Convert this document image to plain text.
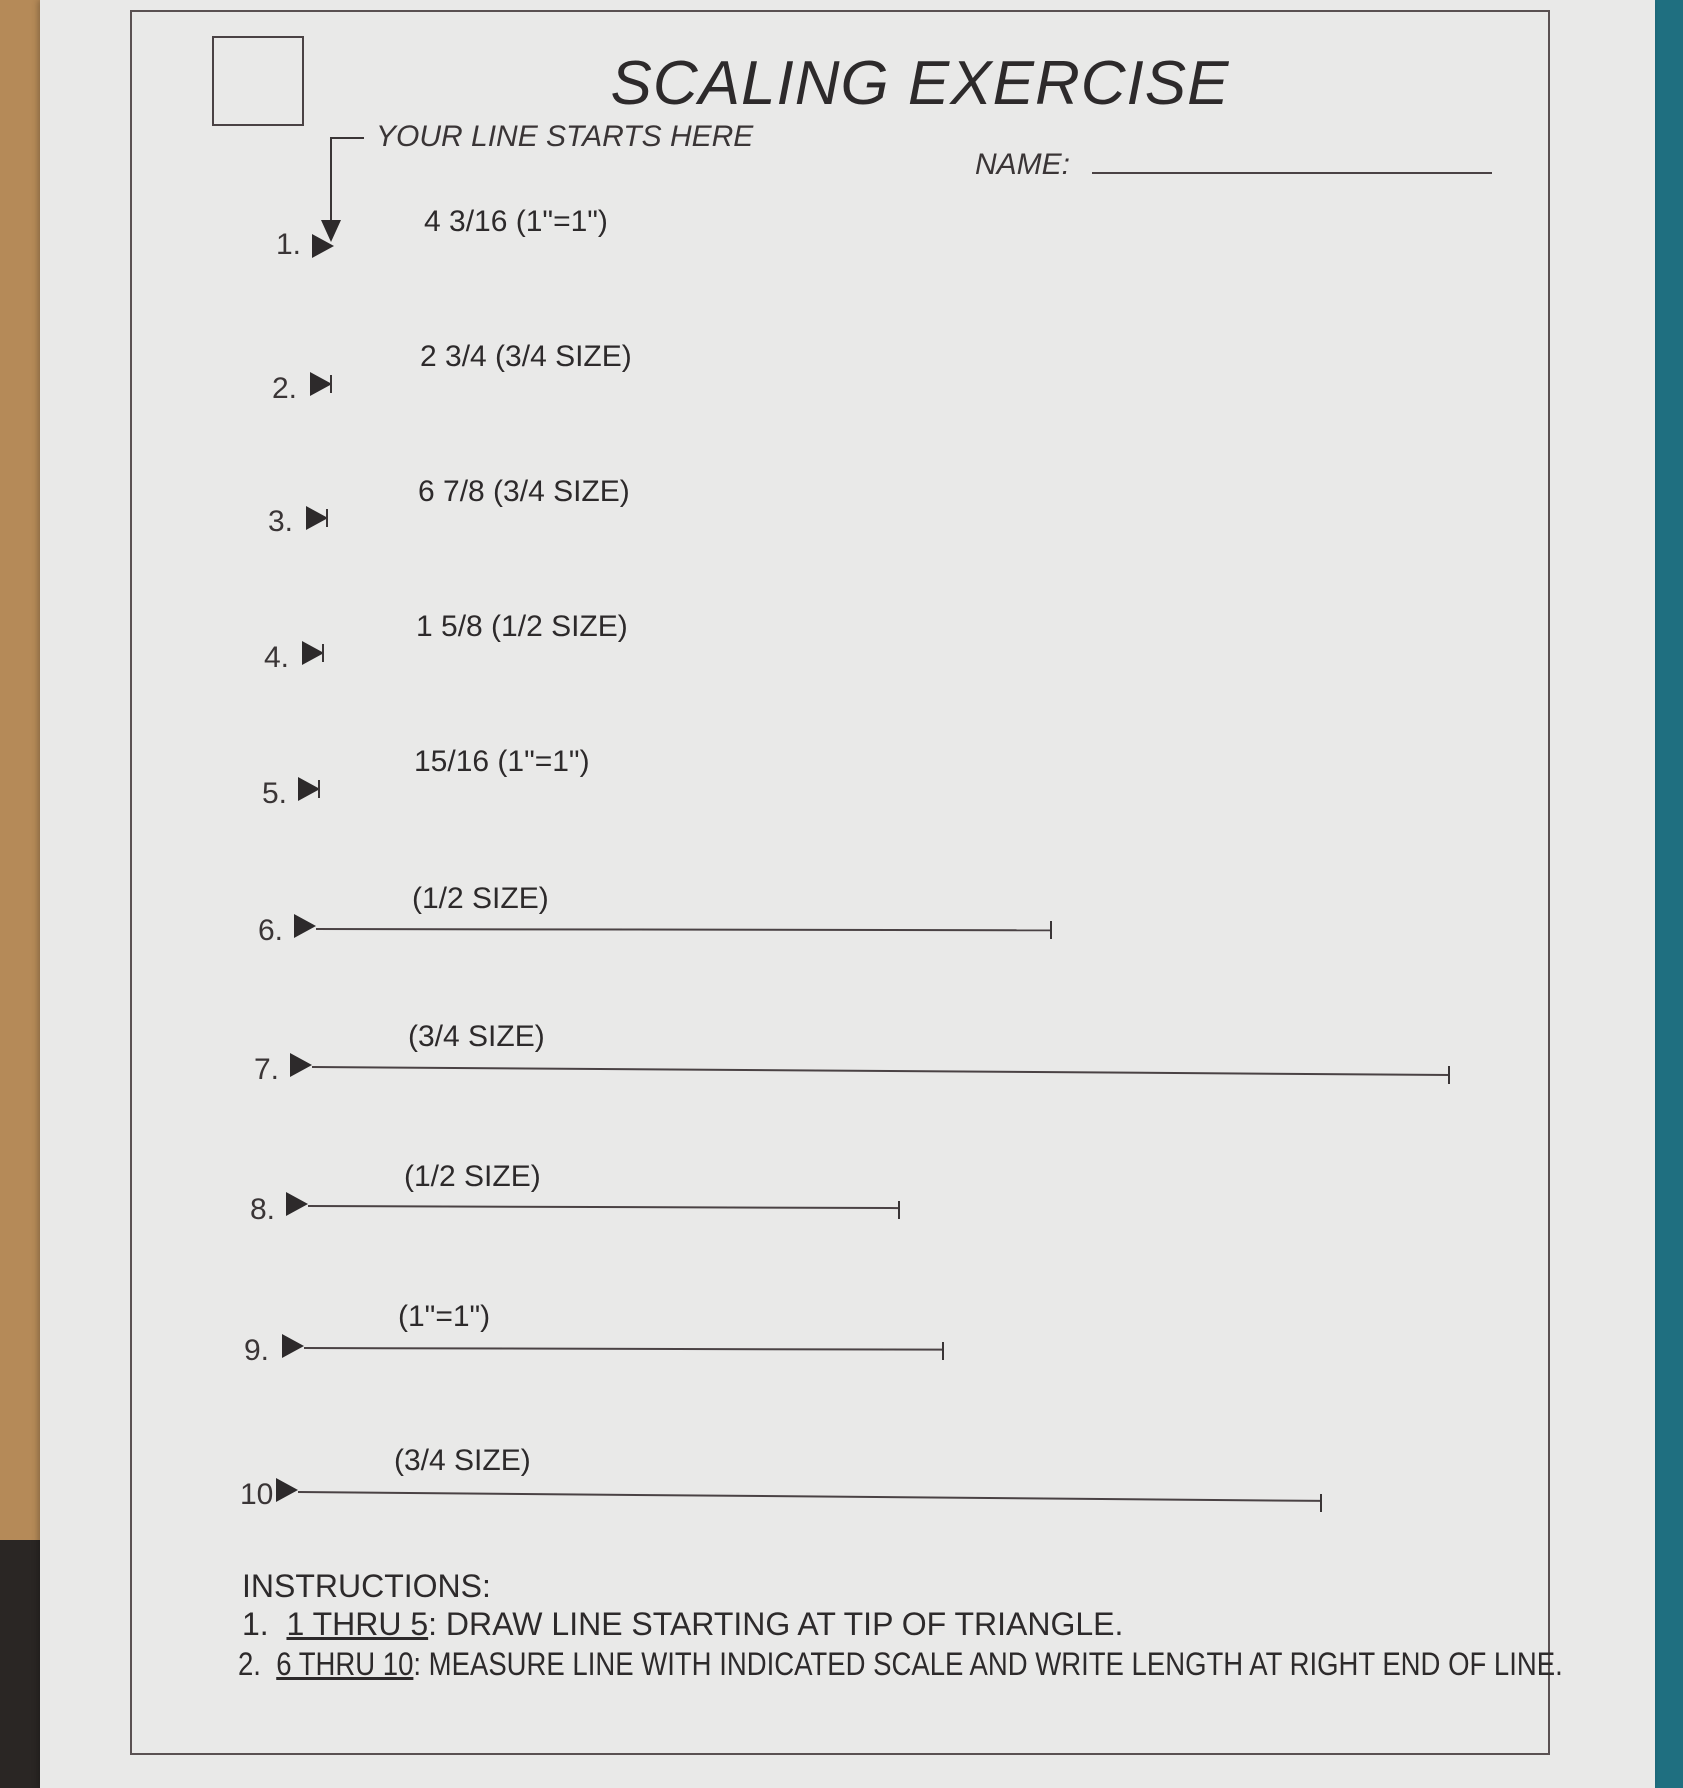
SCALING EXERCISE
YOUR LINE STARTS HERE
NAME:
1.
4 3/16 (1"=1")
2.
2 3/4 (3/4 SIZE)
3.
6 7/8 (3/4 SIZE)
4.
1 5/8 (1/2 SIZE)
5.
15/16 (1"=1")
6.
(1/2 SIZE)
7.
(3/4 SIZE)
8.
(1/2 SIZE)
9.
(1"=1")
10
(3/4 SIZE)
INSTRUCTIONS:
1. 1 THRU 5: DRAW LINE STARTING AT TIP OF TRIANGLE.
2. 6 THRU 10: MEASURE LINE WITH INDICATED SCALE AND WRITE LENGTH AT RIGHT END OF LINE.
